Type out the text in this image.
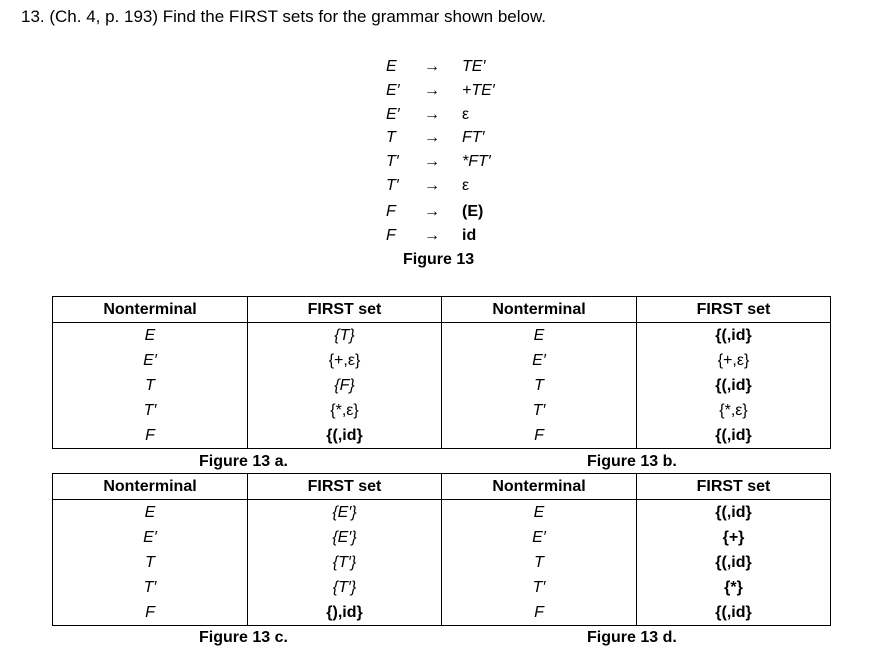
13. (Ch. 4, p. 193) Find the FIRST sets for the grammar shown below.
E → TE′
E′ → +TE′
E′ → ε
T → FT′
T′ → *FT′
T′ → ε
F → (E)
F → id
Figure 13
Nonterminal	FIRST set	Nonterminal	FIRST set
E	{T}	E	{(,id}
E′	{+,ε}	E′	{+,ε}
T	{F}	T	{(,id}
T′	{*,ε}	T′	{*,ε}
F	{(,id}	F	{(,id}
Figure 13 a.	Figure 13 b.
Nonterminal	FIRST set	Nonterminal	FIRST set
E	{E′}	E	{(,id}
E′	{E′}	E′	{+}
T	{T′}	T	{(,id}
T′	{T′}	T′	{*}
F	{),id}	F	{(,id}
Figure 13 c.	Figure 13 d.
